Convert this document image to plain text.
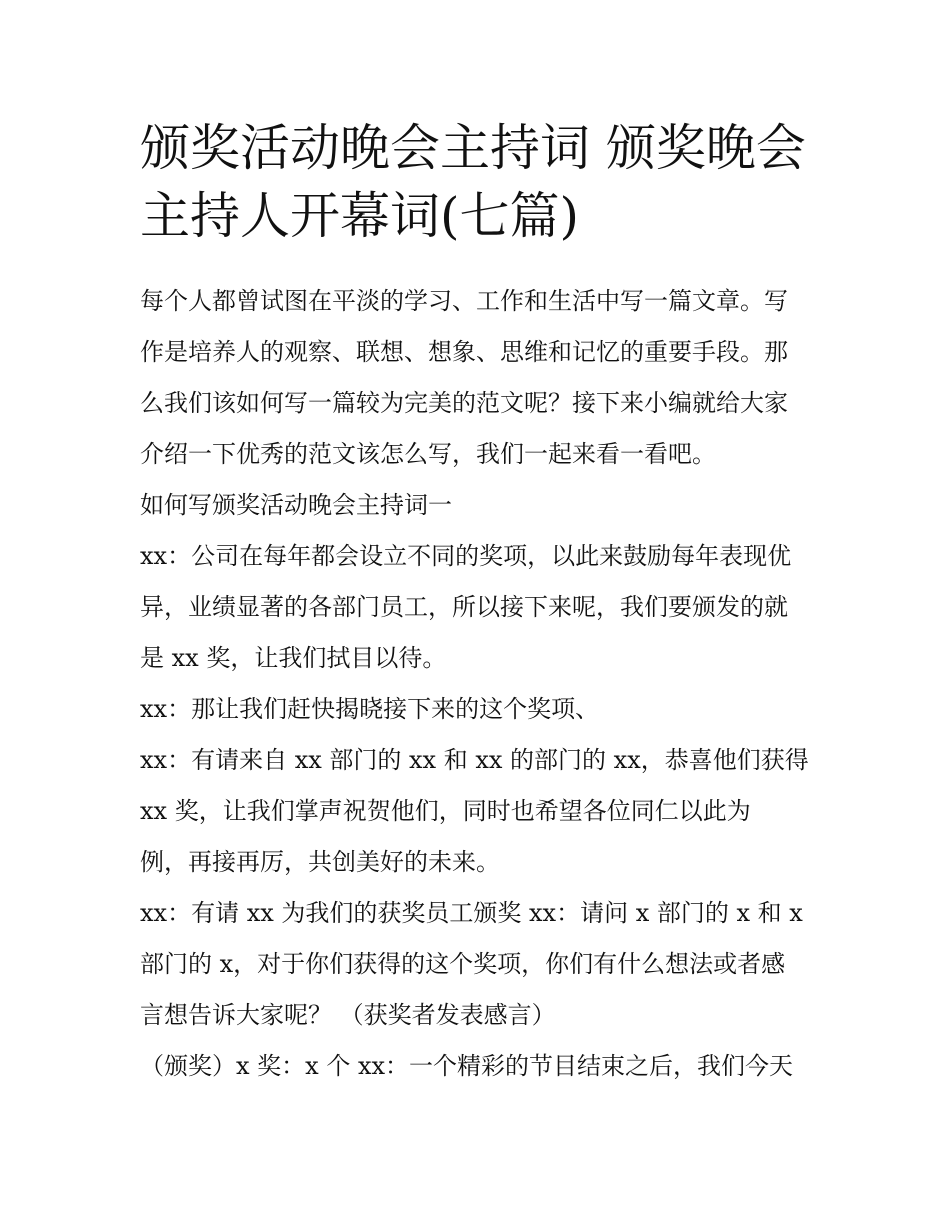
颁奖活动晚会主持词 颁奖晚会
主持人开幕词(七篇)
每个人都曾试图在平淡的学习、工作和生活中写一篇文章。写
作是培养人的观察、联想、想象、思维和记忆的重要手段。那
么我们该如何写一篇较为完美的范文呢？接下来小编就给大家
介绍一下优秀的范文该怎么写，我们一起来看一看吧。
如何写颁奖活动晚会主持词一
xx：公司在每年都会设立不同的奖项，以此来鼓励每年表现优
异，业绩显著的各部门员工，所以接下来呢，我们要颁发的就
是 xx 奖，让我们拭目以待。
xx：那让我们赶快揭晓接下来的这个奖项、
xx：有请来自 xx 部门的 xx 和 xx 的部门的 xx，恭喜他们获得
xx 奖，让我们掌声祝贺他们，同时也希望各位同仁以此为
例，再接再厉，共创美好的未来。
xx：有请 xx 为我们的获奖员工颁奖 xx：请问 x 部门的 x 和 x
部门的 x，对于你们获得的这个奖项，你们有什么想法或者感
言想告诉大家呢？ （获奖者发表感言）
（颁奖）x 奖：x 个 xx：一个精彩的节目结束之后，我们今天
